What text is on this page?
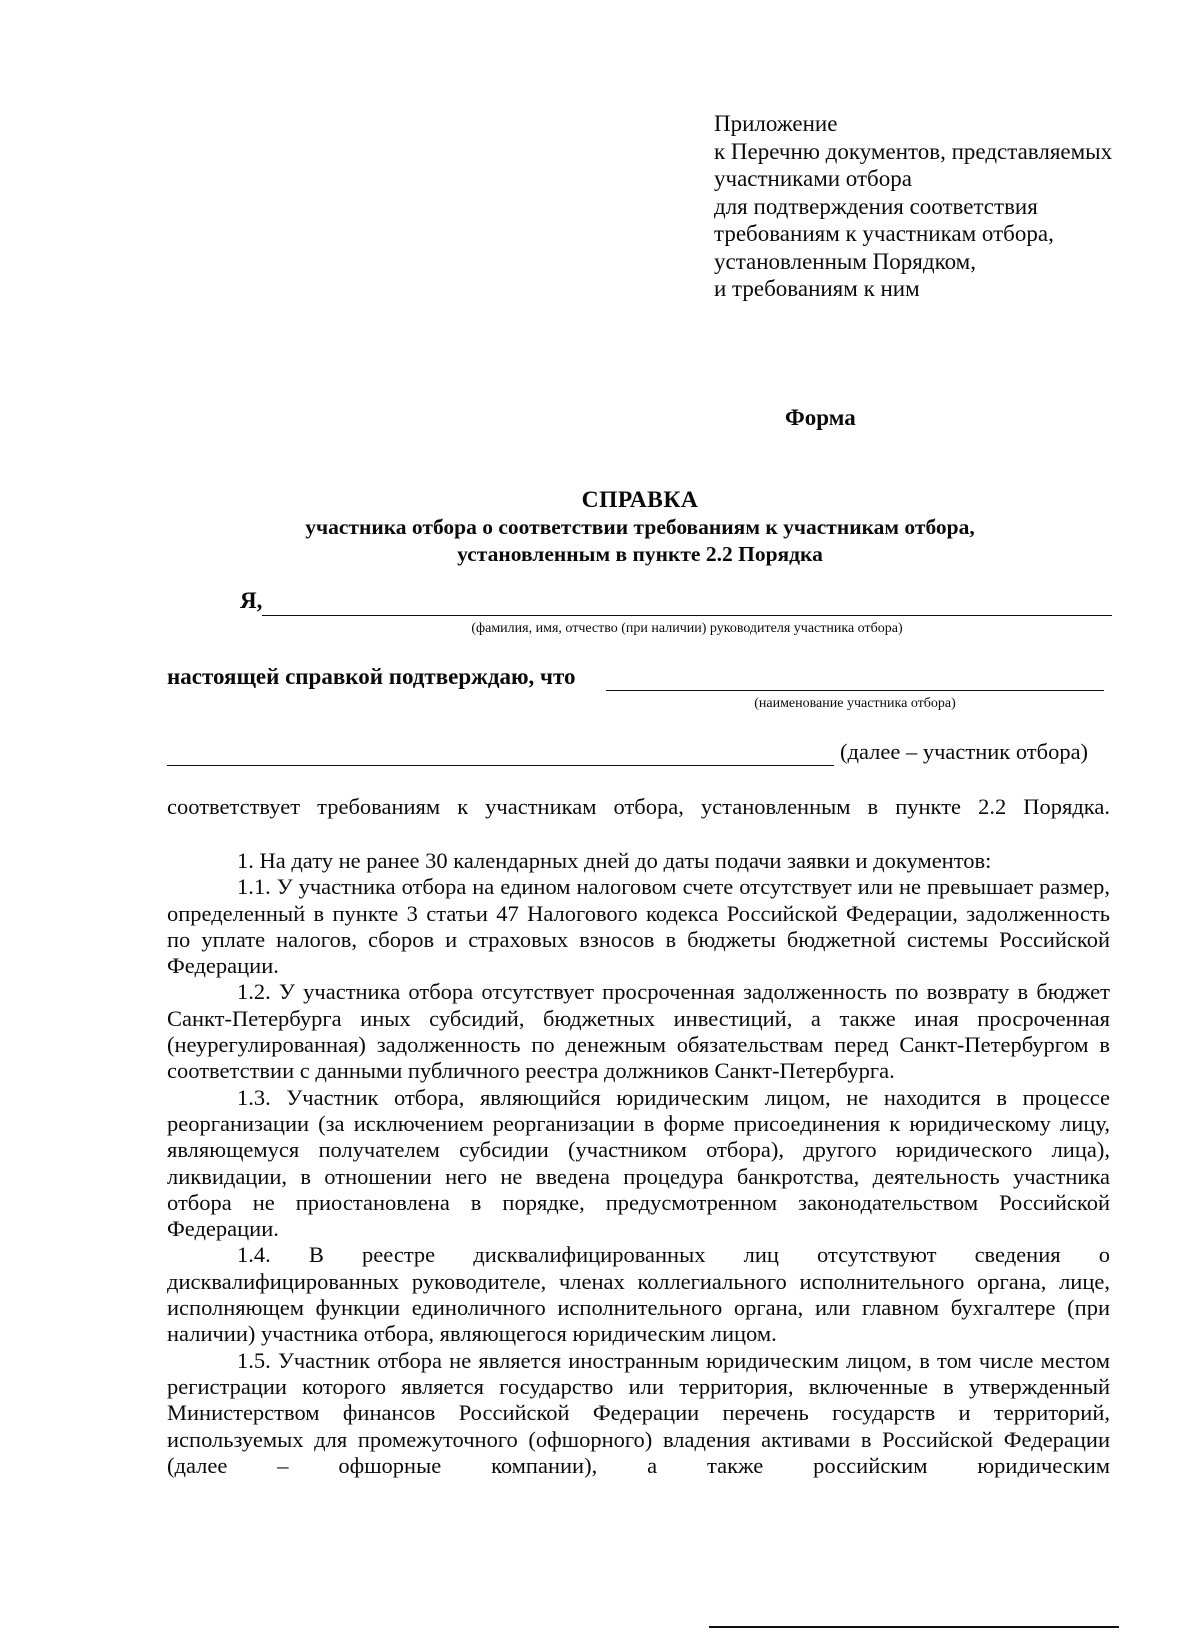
Приложение
к Перечню документов, представляемых
участниками отбора
для подтверждения соответствия
требованиям к участникам отбора,
установленным Порядком,
и требованиям к ним
Форма
СПРАВКА
участника отбора о соответствии требованиям к участникам отбора,
установленным в пункте 2.2 Порядка
Я,
(фамилия, имя, отчество (при наличии) руководителя участника отбора)
настоящей справкой подтверждаю, что
(наименование участника отбора)
(далее – участник отбора)

соответствует требованиям к участникам отбора, установленным в пункте 2.2 Порядка.

1. На дату не ранее 30 календарных дней до даты подачи заявки и документов:

1.1. У участника отбора на едином налоговом счете отсутствует или не превышает размер, определенный в пункте 3 статьи 47 Налогового кодекса Российской Федерации, задолженность по уплате налогов, сборов и страховых взносов в бюджеты бюджетной системы Российской Федерации.

1.2. У участника отбора отсутствует просроченная задолженность по возврату в бюджет Санкт-Петербурга иных субсидий, бюджетных инвестиций, а также иная просроченная (неурегулированная) задолженность по денежным обязательствам перед Санкт-Петербургом в соответствии с данными публичного реестра должников Санкт-Петербурга.

1.3. Участник отбора, являющийся юридическим лицом, не находится в процессе реорганизации (за исключением реорганизации в форме присоединения к юридическому лицу, являющемуся получателем субсидии (участником отбора), другого юридического лица), ликвидации, в отношении него не введена процедура банкротства, деятельность участника отбора не приостановлена в порядке, предусмотренном законодательством Российской Федерации.

1.4. В реестре дисквалифицированных лиц отсутствуют сведения о дисквалифицированных руководителе, членах коллегиального исполнительного органа, лице, исполняющем функции единоличного исполнительного органа, или главном бухгалтере (при наличии) участника отбора, являющегося юридическим лицом.

1.5. Участник отбора не является иностранным юридическим лицом, в том числе местом регистрации которого является государство или территория, включенные в утвержденный Министерством финансов Российской Федерации перечень государств и территорий, используемых для промежуточного (офшорного) владения активами в Российской Федерации (далее – офшорные компании), а также российским юридическим
